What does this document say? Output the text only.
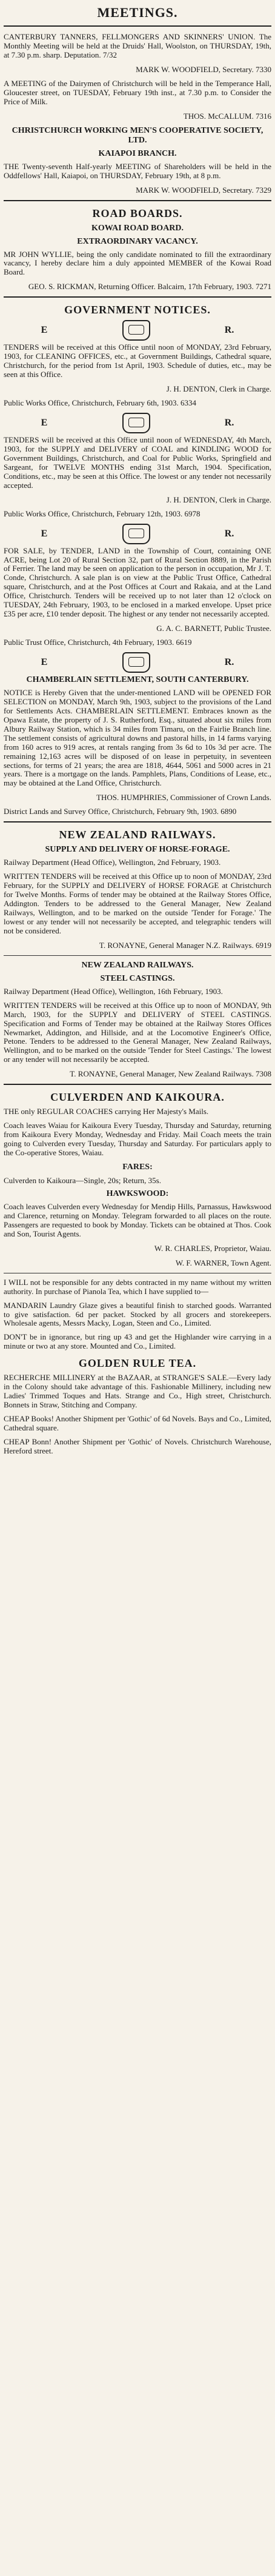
MEETINGS.

CANTERBURY TANNERS, FELLMONGERS AND SKINNERS' UNION. The Monthly Meeting will be held at the Druids' Hall, Woolston, on THURSDAY, 19th, at 7.30 p.m. sharp. Deputation. 7/32

MARK W. WOODFIELD, Secretary. 7330

A MEETING of the Dairymen of Christchurch will be held in the Temperance Hall, Gloucester street, on TUESDAY, February 19th inst., at 7.30 p.m. to Consider the Price of Milk.

THOS. McCALLUM. 7316
CHRISTCHURCH WORKING MEN'S COOPERATIVE SOCIETY, LTD.
KAIAPOI BRANCH.

THE Twenty-seventh Half-yearly MEETING of Shareholders will be held in the Oddfellows' Hall, Kaiapoi, on THURSDAY, February 19th, at 8 p.m.

MARK W. WOODFIELD, Secretary. 7329
ROAD BOARDS.
KOWAI ROAD BOARD.
EXTRAORDINARY VACANCY.

MR JOHN WYLLIE, being the only candidate nominated to fill the extraordinary vacancy, I hereby declare him a duly appointed MEMBER of the Kowai Road Board.

GEO. S. RICKMAN, Returning Officer. Balcairn, 17th February, 1903. 7271
GOVERNMENT NOTICES.
E	R.

TENDERS will be received at this Office until noon of MONDAY, 23rd February, 1903, for CLEANING OFFICES, etc., at Government Buildings, Cathedral square, Christchurch, for the period from 1st April, 1903. Schedule of duties, etc., may be seen at this Office.

J. H. DENTON, Clerk in Charge.

Public Works Office, Christchurch, February 6th, 1903. 6334

E	R.

TENDERS will be received at this Office until noon of WEDNESDAY, 4th March, 1903, for the SUPPLY and DELIVERY of COAL and KINDLING WOOD for Government Buildings, Christchurch, and Coal for Public Works, Springfield and Sargeant, for TWELVE MONTHS ending 31st March, 1904. Specification, Conditions, etc., may be seen at this Office. The lowest or any tender not necessarily accepted.

J. H. DENTON, Clerk in Charge.

Public Works Office, Christchurch, February 12th, 1903. 6978

E	R.

FOR SALE, by TENDER, LAND in the Township of Court, containing ONE ACRE, being Lot 20 of Rural Section 32, part of Rural Section 8889, in the Parish of Ferrier. The land may be seen on application to the person in occupation, Mr J. T. Conde, Christchurch. A sale plan is on view at the Public Trust Office, Cathedral square, Christchurch, and at the Post Offices at Court and Rakaia, and at the Land Office, Christchurch. Tenders will be received up to not later than 12 o'clock on TUESDAY, 24th February, 1903, to be enclosed in a marked envelope. Upset price £35 per acre, £10 tender deposit. The highest or any tender not necessarily accepted.

G. A. C. BARNETT, Public Trustee.

Public Trust Office, Christchurch, 4th February, 1903. 6619

E	R.
CHAMBERLAIN SETTLEMENT, SOUTH CANTERBURY.

NOTICE is Hereby Given that the under-mentioned LAND will be OPENED FOR SELECTION on MONDAY, March 9th, 1903, subject to the provisions of the Land for Settlements Acts. CHAMBERLAIN SETTLEMENT. Embraces known as the Opawa Estate, the property of J. S. Rutherford, Esq., situated about six miles from Albury Railway Station, which is 34 miles from Timaru, on the Fairlie Branch line. The settlement consists of agricultural downs and pastoral hills, in 14 farms varying from 160 acres to 919 acres, at rentals ranging from 3s 6d to 10s 3d per acre. The remaining 12,163 acres will be disposed of on lease in perpetuity, in seventeen sections, for terms of 21 years; the area are 1818, 4644, 5061 and 5000 acres in 21 years. There is a mortgage on the lands. Pamphlets, Plans, Conditions of Lease, etc., may be obtained at the Land Office, Christchurch.

THOS. HUMPHRIES, Commissioner of Crown Lands.

District Lands and Survey Office, Christchurch, February 9th, 1903. 6890

NEW ZEALAND RAILWAYS.
SUPPLY AND DELIVERY OF HORSE-FORAGE.

Railway Department (Head Office), Wellington, 2nd February, 1903.

WRITTEN TENDERS will be received at this Office up to noon of MONDAY, 23rd February, for the SUPPLY and DELIVERY of HORSE FORAGE at Christchurch for Twelve Months. Forms of tender may be obtained at the Railway Stores Office, Addington. Tenders to be addressed to the General Manager, New Zealand Railways, Wellington, and to be marked on the outside 'Tender for Forage.' The lowest or any tender will not necessarily be accepted, and telegraphic tenders will not be considered.

T. RONAYNE, General Manager N.Z. Railways. 6919
NEW ZEALAND RAILWAYS.
STEEL CASTINGS.

Railway Department (Head Office), Wellington, 16th February, 1903.

WRITTEN TENDERS will be received at this Office up to noon of MONDAY, 9th March, 1903, for the SUPPLY and DELIVERY of STEEL CASTINGS. Specification and Forms of Tender may be obtained at the Railway Stores Offices Newmarket, Addington, and Hillside, and at the Locomotive Engineer's Office, Petone. Tenders to be addressed to the General Manager, New Zealand Railways, Wellington, and to be marked on the outside 'Tender for Steel Castings.' The lowest or any tender will not necessarily be accepted.

T. RONAYNE, General Manager, New Zealand Railways. 7308
CULVERDEN AND KAIKOURA.

THE only REGULAR COACHES carrying Her Majesty's Mails.

Coach leaves Waiau for Kaikoura Every Tuesday, Thursday and Saturday, returning from Kaikoura Every Monday, Wednesday and Friday. Mail Coach meets the train going to Culverden every Tuesday, Thursday and Saturday. For particulars apply to the Co-operative Stores, Waiau.

FARES:

Culverden to Kaikoura—Single, 20s; Return, 35s.

HAWKSWOOD:

Coach leaves Culverden every Wednesday for Mendip Hills, Parnassus, Hawkswood and Clarence, returning on Monday. Telegram forwarded to all places on the route. Passengers are requested to book by Monday. Tickets can be obtained at Thos. Cook and Son, Tourist Agents.

W. R. CHARLES, Proprietor, Waiau.
W. F. WARNER, Town Agent.

I WILL not be responsible for any debts contracted in my name without my written authority. In purchase of Pianola Tea, which I have supplied to—

MANDARIN Laundry Glaze gives a beautiful finish to starched goods. Warranted to give satisfaction. 6d per packet. Stocked by all grocers and storekeepers. Wholesale agents, Messrs Macky, Logan, Steen and Co., Limited.

DON'T be in ignorance, but ring up 43 and get the Highlander wire carrying in a minute or two at any store. Mounted and Co., Limited.

GOLDEN RULE TEA.

RECHERCHE MILLINERY at the BAZAAR, at STRANGE'S SALE.—Every lady in the Colony should take advantage of this. Fashionable Millinery, including new Ladies' Trimmed Toques and Hats. Strange and Co., High street, Christchurch. Bonnets in Straw, Stitching and Company.

CHEAP Books! Another Shipment per 'Gothic' of 6d Novels. Bays and Co., Limited, Cathedral square.

CHEAP Bonn! Another Shipment per 'Gothic' of Novels. Christchurch Warehouse, Hereford street.
